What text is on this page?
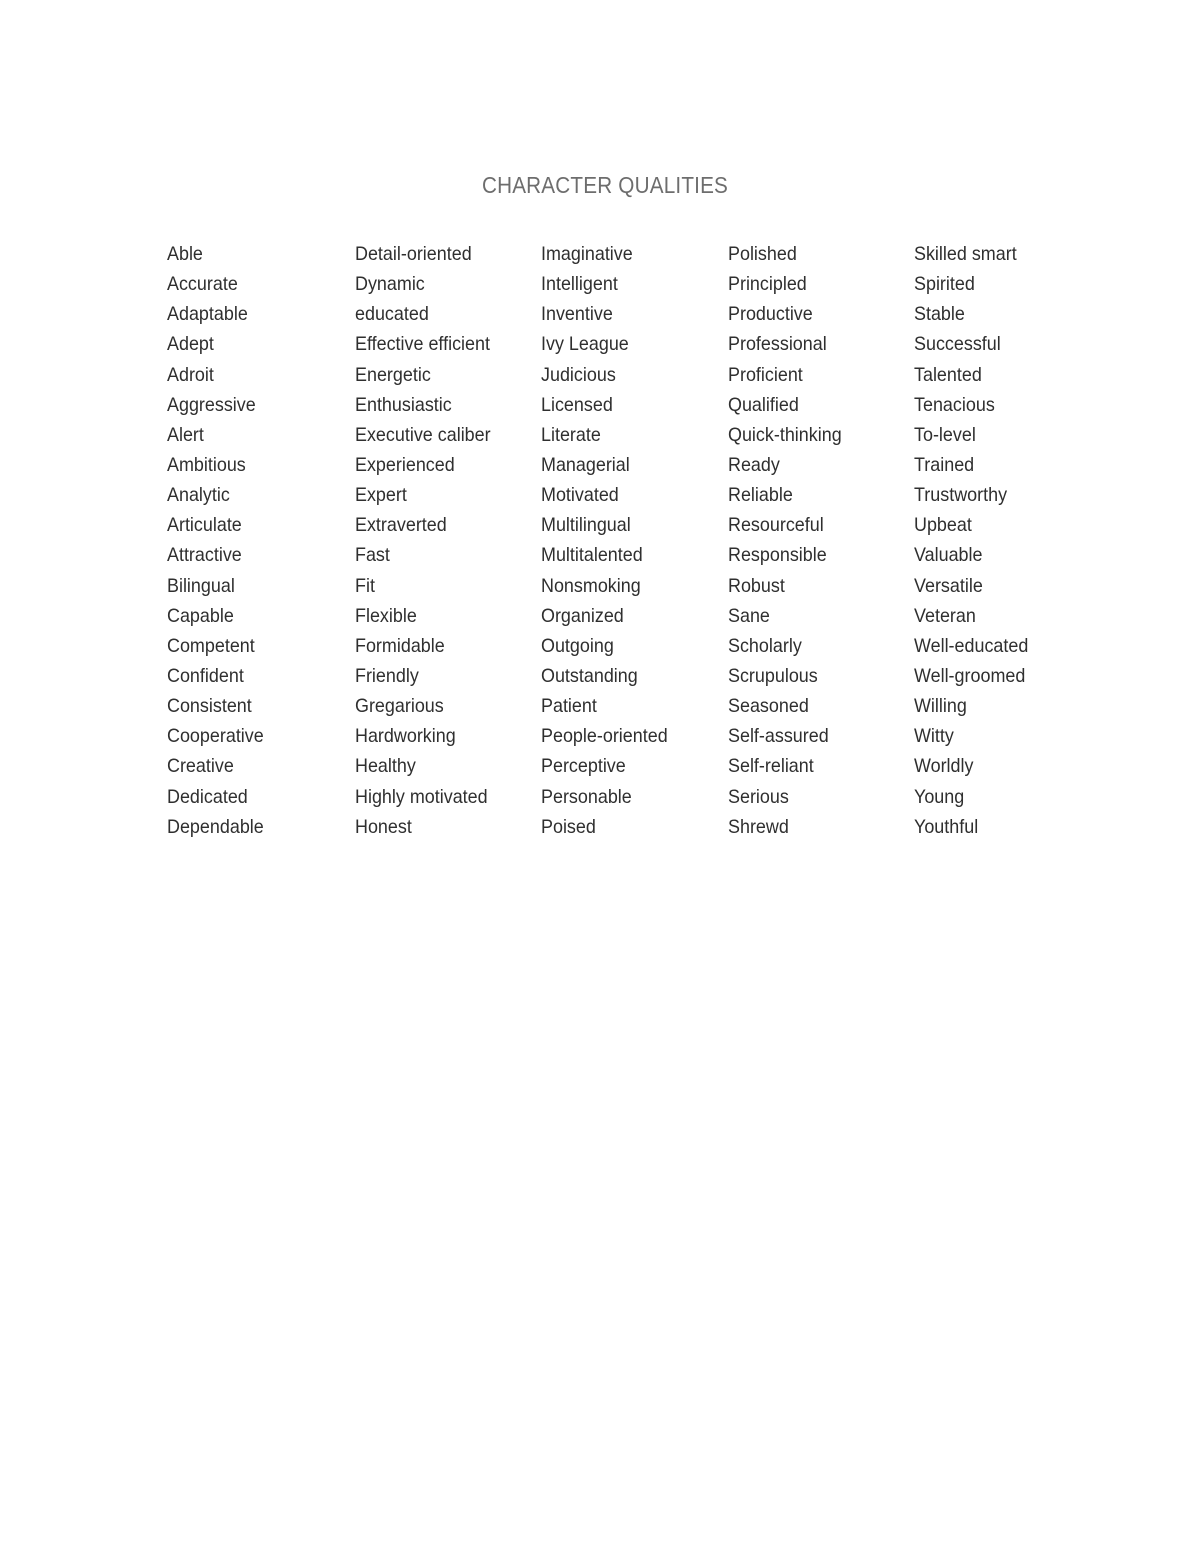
CHARACTER QUALITIES
Able
Accurate
Adaptable
Adept
Adroit
Aggressive
Alert
Ambitious
Analytic
Articulate
Attractive
Bilingual
Capable
Competent
Confident
Consistent
Cooperative
Creative
Dedicated
Dependable
Detail-oriented
Dynamic
educated
Effective efficient
Energetic
Enthusiastic
Executive caliber
Experienced
Expert
Extraverted
Fast
Fit
Flexible
Formidable
Friendly
Gregarious
Hardworking
Healthy
Highly motivated
Honest
Imaginative
Intelligent
Inventive
Ivy League
Judicious
Licensed
Literate
Managerial
Motivated
Multilingual
Multitalented
Nonsmoking
Organized
Outgoing
Outstanding
Patient
People-oriented
Perceptive
Personable
Poised
Polished
Principled
Productive
Professional
Proficient
Qualified
Quick-thinking
Ready
Reliable
Resourceful
Responsible
Robust
Sane
Scholarly
Scrupulous
Seasoned
Self-assured
Self-reliant
Serious
Shrewd
Skilled smart
Spirited
Stable
Successful
Talented
Tenacious
To-level
Trained
Trustworthy
Upbeat
Valuable
Versatile
Veteran
Well-educated
Well-groomed
Willing
Witty
Worldly
Young
Youthful
